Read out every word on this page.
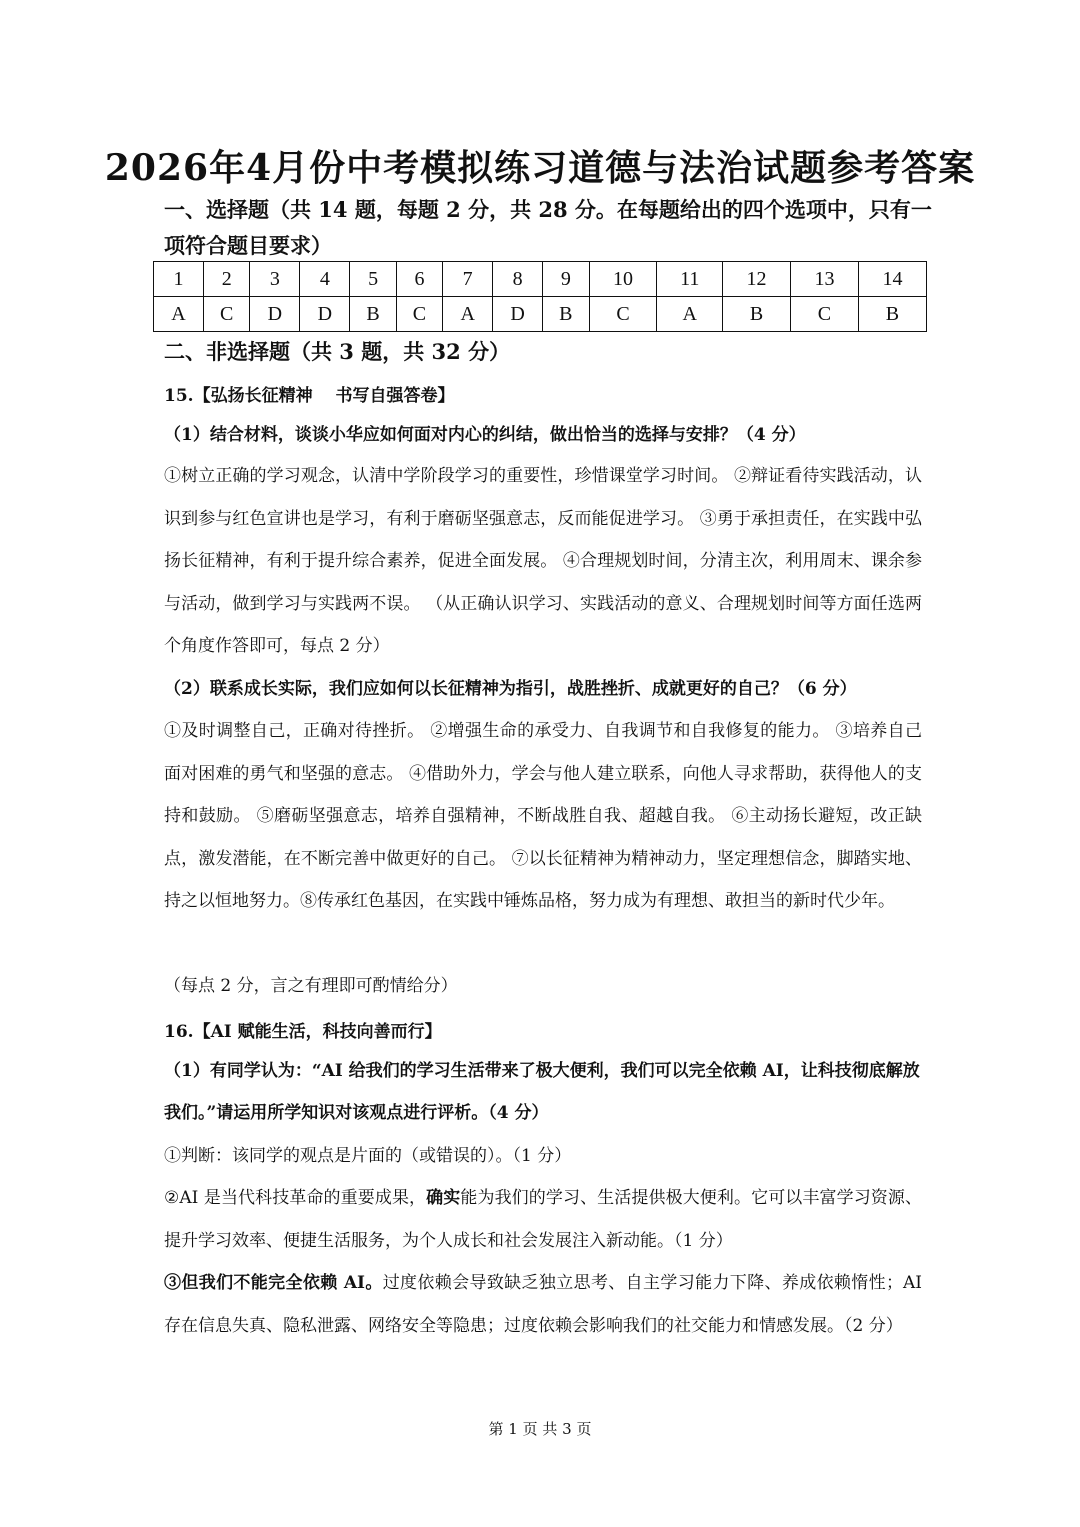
2026年4月份中考模拟练习道德与法治试题参考答案
一、选择题（共 14 题，每题 2 分，共 28 分。在每题给出的四个选项中，只有一项符合题目要求）
1	2	3	4	5	6	7	8	9	10	11	12	13	14
A	C	D	D	B	C	A	D	B	C	A	B	C	B
二、非选择题（共 3 题，共 32 分）
15.【弘扬长征精神　 书写自强答卷】
（1）结合材料，谈谈小华应如何面对内心的纠结，做出恰当的选择与安排？（4 分）
①树立正确的学习观念，认清中学阶段学习的重要性，珍惜课堂学习时间。 ②辩证看待实践活动，认识到参与红色宣讲也是学习，有利于磨砺坚强意志，反而能促进学习。 ③勇于承担责任，在实践中弘扬长征精神，有利于提升综合素养，促进全面发展。 ④合理规划时间，分清主次，利用周末、课余参与活动，做到学习与实践两不误。 （从正确认识学习、实践活动的意义、合理规划时间等方面任选两个角度作答即可，每点 2 分）
（2）联系成长实际，我们应如何以长征精神为指引，战胜挫折、成就更好的自己？（6 分）
①及时调整自己，正确对待挫折。 ②增强生命的承受力、自我调节和自我修复的能力。 ③培养自己面对困难的勇气和坚强的意志。 ④借助外力，学会与他人建立联系，向他人寻求帮助，获得他人的支持和鼓励。 ⑤磨砺坚强意志，培养自强精神，不断战胜自我、超越自我。 ⑥主动扬长避短，改正缺点，激发潜能，在不断完善中做更好的自己。 ⑦以长征精神为精神动力，坚定理想信念，脚踏实地、持之以恒地努力。⑧传承红色基因，在实践中锤炼品格，努力成为有理想、敢担当的新时代少年。
（每点 2 分，言之有理即可酌情给分）
16.【AI 赋能生活，科技向善而行】
（1）有同学认为：“AI 给我们的学习生活带来了极大便利，我们可以完全依赖 AI，让科技彻底解放我们。”请运用所学知识对该观点进行评析。（4 分）
①判断：该同学的观点是片面的（或错误的）。（1 分）
②AI 是当代科技革命的重要成果，确实能为我们的学习、生活提供极大便利。它可以丰富学习资源、提升学习效率、便捷生活服务，为个人成长和社会发展注入新动能。（1 分）
③但我们不能完全依赖 AI。过度依赖会导致缺乏独立思考、自主学习能力下降、养成依赖惰性；AI 存在信息失真、隐私泄露、网络安全等隐患；过度依赖会影响我们的社交能力和情感发展。（2 分）
第 1 页 共 3 页
